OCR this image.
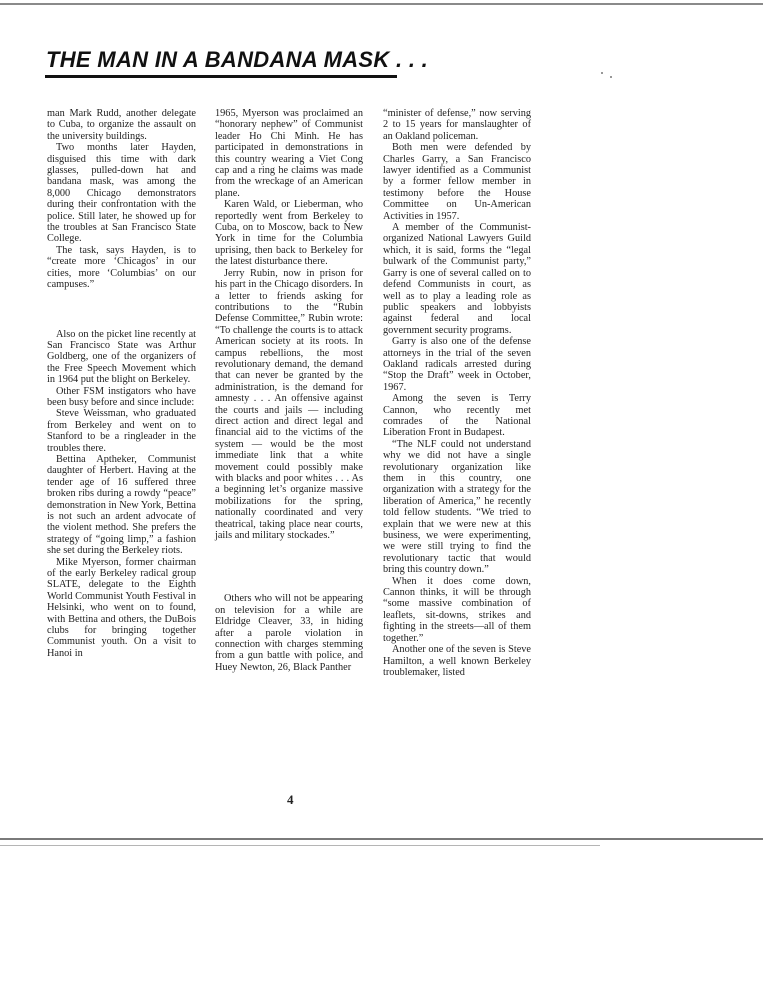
THE MAN IN A BANDANA MASK . . .

man Mark Rudd, another delegate to Cuba, to organize the assault on the university buildings.

Two months later Hayden, disguised this time with dark glasses, pulled-down hat and bandana mask, was among the 8,000 Chicago demonstrators during their confrontation with the police. Still later, he showed up for the troubles at San Francisco State College.

The task, says Hayden, is to “create more ‘Chicagos’ in our cities, more ‘Columbias’ on our campuses.”

Also on the picket line recently at San Francisco State was Arthur Goldberg, one of the organizers of the Free Speech Movement which in 1964 put the blight on Berkeley.

Other FSM instigators who have been busy before and since include:

Steve Weissman, who graduated from Berkeley and went on to Stanford to be a ringleader in the troubles there.

Bettina Aptheker, Communist daughter of Herbert. Having at the tender age of 16 suffered three broken ribs during a rowdy “peace” demonstration in New York, Bettina is not such an ardent advocate of the violent method. She prefers the strategy of “going limp,” a fashion she set during the Berkeley riots.

Mike Myerson, former chairman of the early Berkeley radical group SLATE, delegate to the Eighth World Communist Youth Festival in Helsinki, who went on to found, with Bettina and others, the DuBois clubs for bringing together Communist youth. On a visit to Hanoi in

1965, Myerson was proclaimed an “honorary nephew” of Communist leader Ho Chi Minh. He has participated in demonstrations in this country wearing a Viet Cong cap and a ring he claims was made from the wreckage of an American plane.

Karen Wald, or Lieberman, who reportedly went from Berkeley to Cuba, on to Moscow, back to New York in time for the Columbia uprising, then back to Berkeley for the latest disturbance there.

Jerry Rubin, now in prison for his part in the Chicago disorders. In a letter to friends asking for contributions to the “Rubin Defense Committee,” Rubin wrote: “To challenge the courts is to attack American society at its roots. In campus rebellions, the most revolutionary demand, the demand that can never be granted by the administration, is the demand for amnesty . . . An offensive against the courts and jails — including direct action and direct legal and financial aid to the victims of the system — would be the most immediate link that a white movement could possibly make with blacks and poor whites . . . As a beginning let’s organize massive mobilizations for the spring, nationally coordinated and very theatrical, taking place near courts, jails and military stockades.”

Others who will not be appearing on television for a while are Eldridge Cleaver, 33, in hiding after a parole violation in connection with charges stemming from a gun battle with police, and Huey Newton, 26, Black Panther

“minister of defense,” now serving 2 to 15 years for manslaughter of an Oakland policeman.

Both men were defended by Charles Garry, a San Francisco lawyer identified as a Communist by a former fellow member in testimony before the House Committee on Un-American Activities in 1957.

A member of the Communist-organized National Lawyers Guild which, it is said, forms the “legal bulwark of the Communist party,” Garry is one of several called on to defend Communists in court, as well as to play a leading role as public speakers and lobbyists against federal and local government security programs.

Garry is also one of the defense attorneys in the trial of the seven Oakland radicals arrested during “Stop the Draft” week in October, 1967.

Among the seven is Terry Cannon, who recently met comrades of the National Liberation Front in Budapest.

“The NLF could not understand why we did not have a single revolutionary organization like them in this country, one organization with a strategy for the liberation of America,” he recently told fellow students. “We tried to explain that we were new at this business, we were experimenting, we were still trying to find the revolutionary tactic that would bring this country down.”

When it does come down, Cannon thinks, it will be through “some massive combination of leaflets, sit-downs, strikes and fighting in the streets—all of them together.”

Another one of the seven is Steve Hamilton, a well known Berkeley troublemaker, listed

4
